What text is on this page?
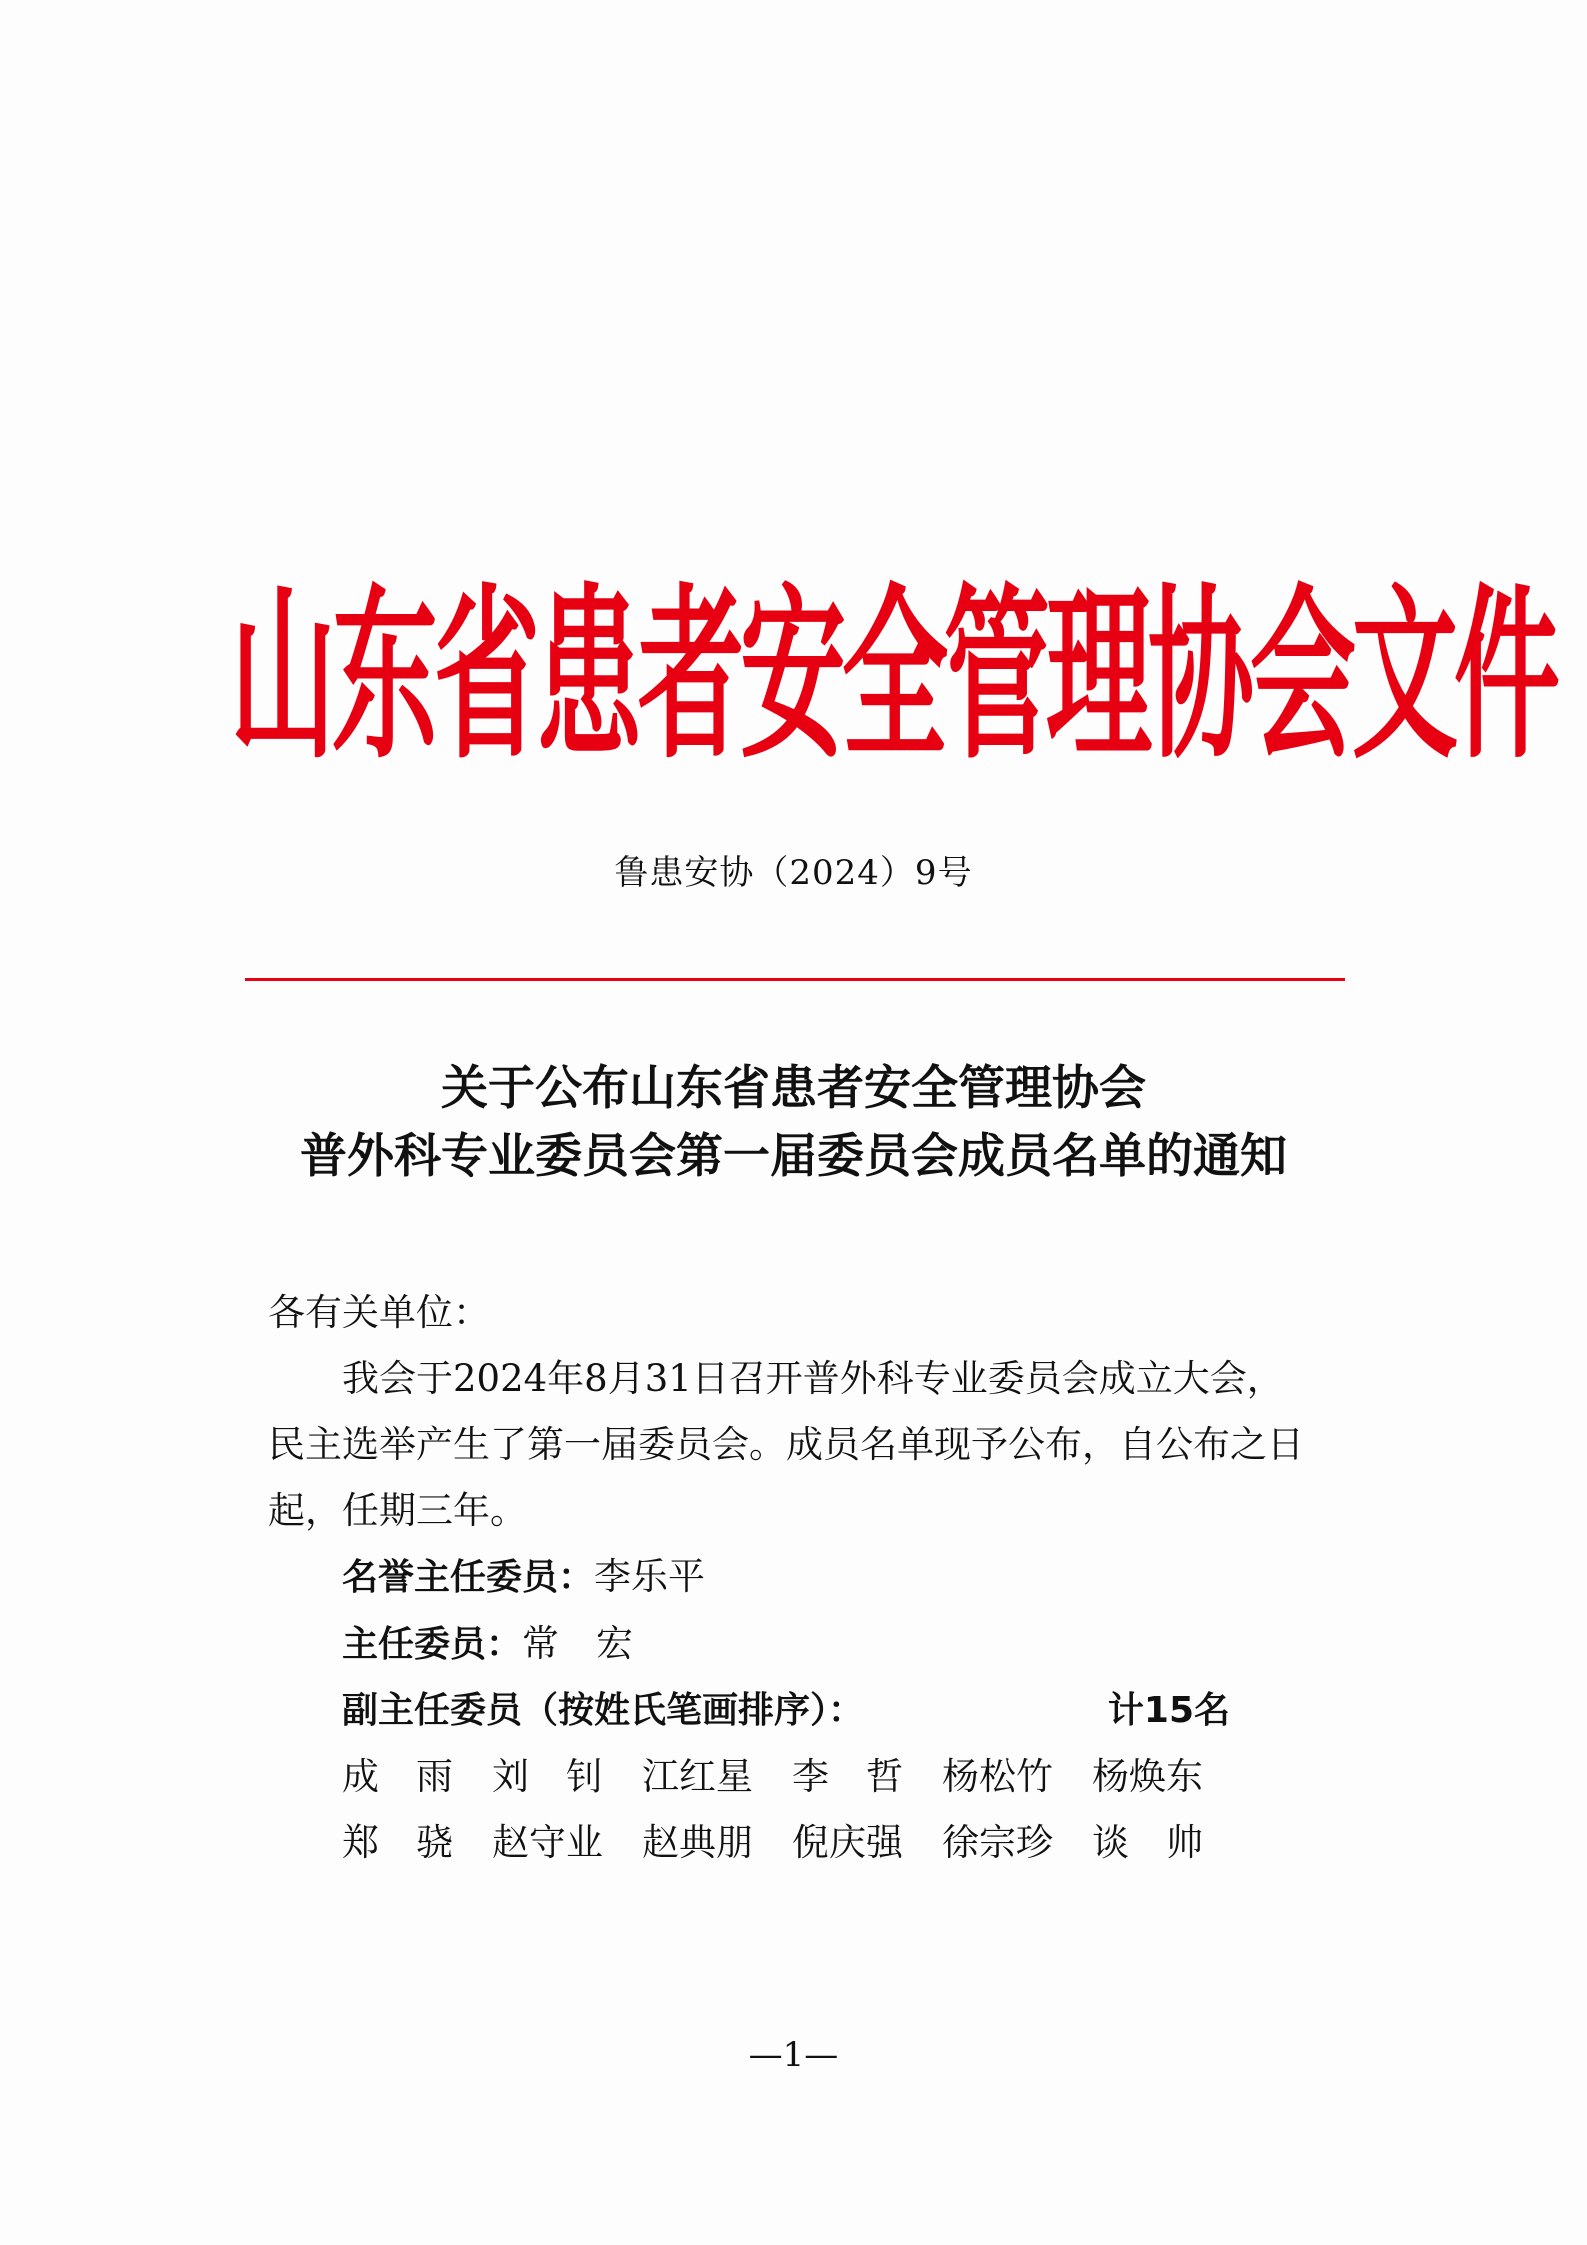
山东省患者安全管理协会文件
鲁患安协（2024）9号
关于公布山东省患者安全管理协会
普外科专业委员会第一届委员会成员名单的通知
各有关单位：
我会于2024年8月31日召开普外科专业委员会成立大会，
民主选举产生了第一届委员会。成员名单现予公布，自公布之日
起，任期三年。
名誉主任委员：李乐平
主任委员：常　宏
副主任委员（按姓氏笔画排序）：	计15名
成　雨	刘　钊	江红星	李　哲	杨松竹	杨焕东
郑　骁	赵守业	赵典朋	倪庆强	徐宗珍	谈　帅
—1—
